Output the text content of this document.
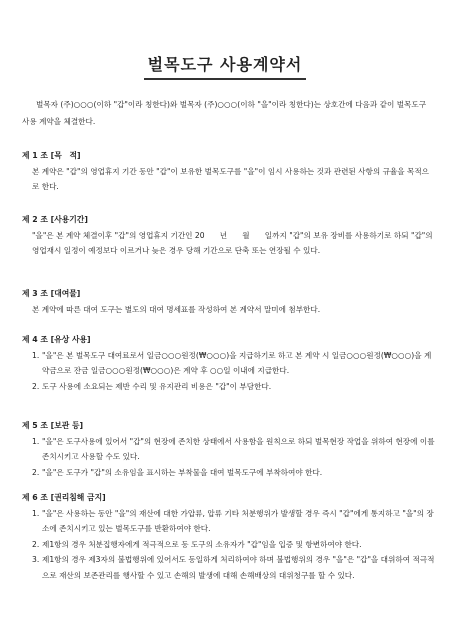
벌목도구 사용계약서
벌목자 (주)○○○(이하 "갑"이라 칭한다)와 벌목자 (주)○○○(이하 "을"이라 칭한다)는 상호간에 다음과 같이 벌목도구 사용 계약을 체결한다.
제 1 조 [목　적]
본 계약은 "갑"의 영업휴지 기간 동안 "갑"이 보유한 벌목도구를 "을"이 임시 사용하는 것과 관련된 사항의 규율을 목적으로 한다.
제 2 조 [사용기간]
"을"은 본 계약 체결이후 "갑"의 영업휴지 기간인 20　　년　　월　　일까지 "갑"의 보유 장비를 사용하기로 하되 "갑"의 영업재시 일정이 예정보다 이르거나 늦은 경우 당해 기간으로 단축 또는 연장될 수 있다.
제 3 조 [대여물]
본 계약에 따른 대여 도구는 별도의 대여 명세표를 작성하여 본 계약서 말미에 첨부한다.
제 4 조 [유상 사용]
1. "을"은 본 벌목도구 대여료로서 일금○○○원정(₩○○○)을 지급하기로 하고 본 계약 시 일금○○○원정(₩○○○)을 계약금으로 잔금 일금○○○원정(₩○○○)은 계약 후 ○○일 이내에 지급한다.
2. 도구 사용에 소요되는 제반 수리 및 유지관리 비용은 "갑"이 부담한다.
제 5 조 [보관 등]
1. "을"은 도구사용에 있어서 "갑"의 현장에 존치한 상태에서 사용함을 원칙으로 하되 벌목현장 작업을 위하여 현장에 이를 존치시키고 사용할 수도 있다.
2. "을"은 도구가 "갑"의 소유임을 표시하는 부착물을 대여 벌목도구에 부착하여야 한다.
제 6 조 [권리침해 금지]
1. "을"은 사용하는 동안 "을"의 재산에 대한 가압류, 압류 기타 처분행위가 발생할 경우 즉시 "갑"에게 통지하고 "을"의 장소에 존치시키고 있는 벌목도구를 반환하여야 한다.
2. 제1항의 경우 처분집행자에게 적극적으로 동 도구의 소유자가 "갑"임을 입증 및 항변하여야 한다.
3. 제1항의 경우 제3자의 불법행위에 있어서도 동일하게 처리하여야 하며 불법행위의 경우 "을"은 "갑"을 대위하여 적극적으로 재산의 보존관리를 행사할 수 있고 손해의 발생에 대해 손해배상의 대위청구를 할 수 있다.
